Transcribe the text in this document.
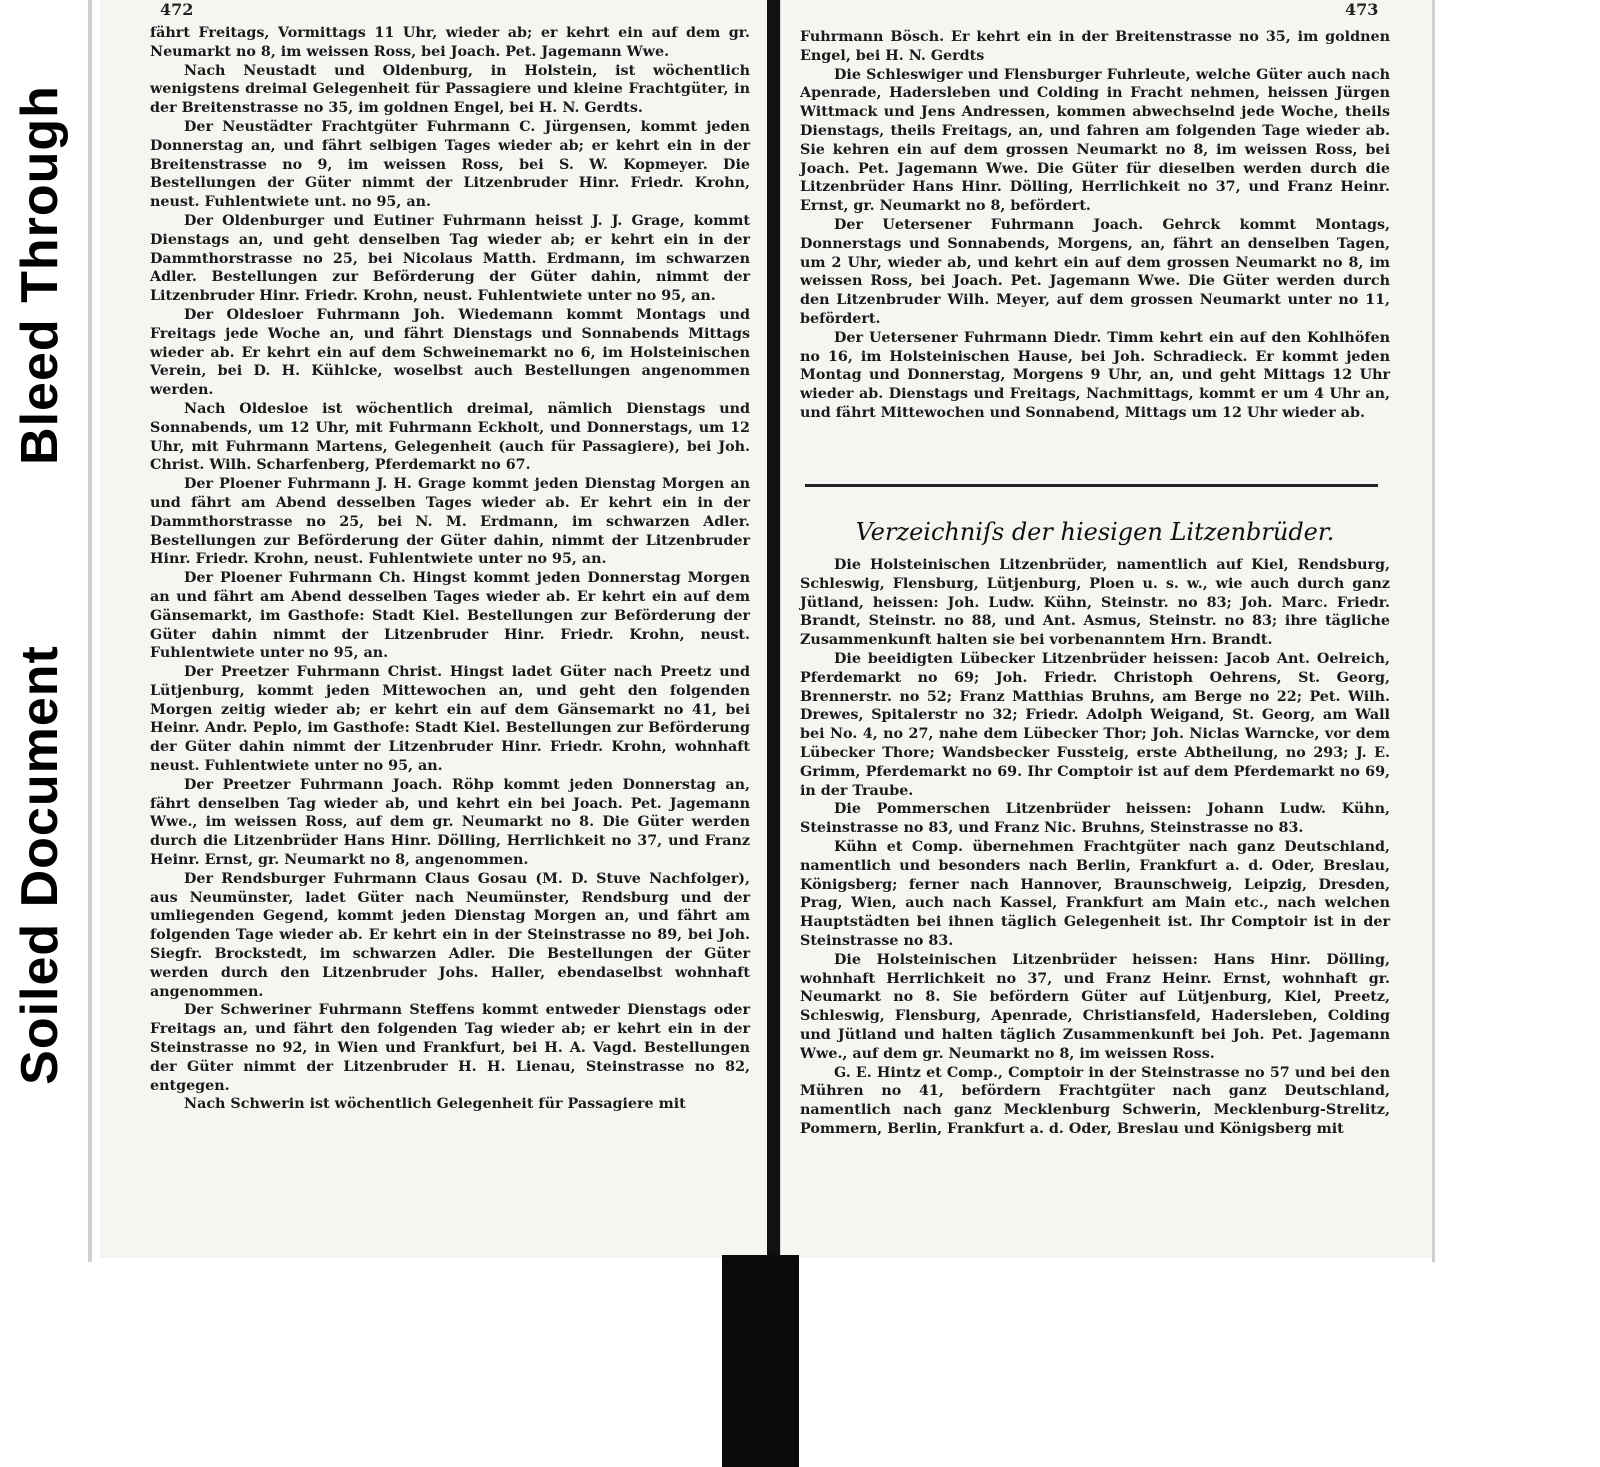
Bleed Through
Soiled Document
472	473

fährt Freitags, Vormittags 11 Uhr, wieder ab; er kehrt ein auf dem gr. Neumarkt no 8, im weissen Ross, bei Joach. Pet. Jagemann Wwe.

Nach Neustadt und Oldenburg, in Holstein, ist wöchentlich wenigstens dreimal Gelegenheit für Passagiere und kleine Frachtgüter, in der Breitenstrasse no 35, im goldnen Engel, bei H. N. Gerdts.

Der Neustädter Frachtgüter Fuhrmann C. Jürgensen, kommt jeden Donnerstag an, und fährt selbigen Tages wieder ab; er kehrt ein in der Breitenstrasse no 9, im weissen Ross, bei S. W. Kopmeyer. Die Bestellungen der Güter nimmt der Litzenbruder Hinr. Friedr. Krohn, neust. Fuhlentwiete unt. no 95, an.

Der Oldenburger und Eutiner Fuhrmann heisst J. J. Grage, kommt Dienstags an, und geht denselben Tag wieder ab; er kehrt ein in der Dammthorstrasse no 25, bei Nicolaus Matth. Erdmann, im schwarzen Adler. Bestellungen zur Beförderung der Güter dahin, nimmt der Litzenbruder Hinr. Friedr. Krohn, neust. Fuhlentwiete unter no 95, an.

Der Oldesloer Fuhrmann Joh. Wiedemann kommt Montags und Freitags jede Woche an, und fährt Dienstags und Sonnabends Mittags wieder ab. Er kehrt ein auf dem Schweinemarkt no 6, im Holsteinischen Verein, bei D. H. Kühlcke, woselbst auch Bestellungen angenommen werden.

Nach Oldesloe ist wöchentlich dreimal, nämlich Dienstags und Sonnabends, um 12 Uhr, mit Fuhrmann Eckholt, und Donnerstags, um 12 Uhr, mit Fuhrmann Martens, Gelegenheit (auch für Passagiere), bei Joh. Christ. Wilh. Scharfenberg, Pferdemarkt no 67.

Der Ploener Fuhrmann J. H. Grage kommt jeden Dienstag Morgen an und fährt am Abend desselben Tages wieder ab. Er kehrt ein in der Dammthorstrasse no 25, bei N. M. Erdmann, im schwarzen Adler. Bestellungen zur Beförderung der Güter dahin, nimmt der Litzenbruder Hinr. Friedr. Krohn, neust. Fuhlentwiete unter no 95, an.

Der Ploener Fuhrmann Ch. Hingst kommt jeden Donnerstag Morgen an und fährt am Abend desselben Tages wieder ab. Er kehrt ein auf dem Gänsemarkt, im Gasthofe: Stadt Kiel. Bestellungen zur Beförderung der Güter dahin nimmt der Litzenbruder Hinr. Friedr. Krohn, neust. Fuhlentwiete unter no 95, an.

Der Preetzer Fuhrmann Christ. Hingst ladet Güter nach Preetz und Lütjenburg, kommt jeden Mittewochen an, und geht den folgenden Morgen zeitig wieder ab; er kehrt ein auf dem Gänsemarkt no 41, bei Heinr. Andr. Peplo, im Gasthofe: Stadt Kiel. Bestellungen zur Beförderung der Güter dahin nimmt der Litzenbruder Hinr. Friedr. Krohn, wohnhaft neust. Fuhlentwiete unter no 95, an.

Der Preetzer Fuhrmann Joach. Röhp kommt jeden Donnerstag an, fährt denselben Tag wieder ab, und kehrt ein bei Joach. Pet. Jagemann Wwe., im weissen Ross, auf dem gr. Neumarkt no 8. Die Güter werden durch die Litzenbrüder Hans Hinr. Dölling, Herrlichkeit no 37, und Franz Heinr. Ernst, gr. Neumarkt no 8, angenommen.

Der Rendsburger Fuhrmann Claus Gosau (M. D. Stuve Nachfolger), aus Neumünster, ladet Güter nach Neumünster, Rendsburg und der umliegenden Gegend, kommt jeden Dienstag Morgen an, und fährt am folgenden Tage wieder ab. Er kehrt ein in der Steinstrasse no 89, bei Joh. Siegfr. Brockstedt, im schwarzen Adler. Die Bestellungen der Güter werden durch den Litzenbruder Johs. Haller, ebendaselbst wohnhaft angenommen.

Der Schweriner Fuhrmann Steffens kommt entweder Dienstags oder Freitags an, und fährt den folgenden Tag wieder ab; er kehrt ein in der Steinstrasse no 92, in Wien und Frankfurt, bei H. A. Vagd. Bestellungen der Güter nimmt der Litzenbruder H. H. Lienau, Steinstrasse no 82, entgegen.

Nach Schwerin ist wöchentlich Gelegenheit für Passagiere mit

Fuhrmann Bösch. Er kehrt ein in der Breitenstrasse no 35, im goldnen Engel, bei H. N. Gerdts

Die Schleswiger und Flensburger Fuhrleute, welche Güter auch nach Apenrade, Hadersleben und Colding in Fracht nehmen, heissen Jürgen Wittmack und Jens Andressen, kommen abwechselnd jede Woche, theils Dienstags, theils Freitags, an, und fahren am folgenden Tage wieder ab. Sie kehren ein auf dem grossen Neumarkt no 8, im weissen Ross, bei Joach. Pet. Jagemann Wwe. Die Güter für dieselben werden durch die Litzenbrüder Hans Hinr. Dölling, Herrlichkeit no 37, und Franz Heinr. Ernst, gr. Neumarkt no 8, befördert.

Der Uetersener Fuhrmann Joach. Gehrck kommt Montags, Donnerstags und Sonnabends, Morgens, an, fährt an denselben Tagen, um 2 Uhr, wieder ab, und kehrt ein auf dem grossen Neumarkt no 8, im weissen Ross, bei Joach. Pet. Jagemann Wwe. Die Güter werden durch den Litzenbruder Wilh. Meyer, auf dem grossen Neumarkt unter no 11, befördert.

Der Uetersener Fuhrmann Diedr. Timm kehrt ein auf den Kohlhöfen no 16, im Holsteinischen Hause, bei Joh. Schradieck. Er kommt jeden Montag und Donnerstag, Morgens 9 Uhr, an, und geht Mittags 12 Uhr wieder ab. Dienstags und Freitags, Nachmittags, kommt er um 4 Uhr an, und fährt Mittewochen und Sonnabend, Mittags um 12 Uhr wieder ab.

Verzeichniſs der hiesigen Litzenbrüder.

Die Holsteinischen Litzenbrüder, namentlich auf Kiel, Rendsburg, Schleswig, Flensburg, Lütjenburg, Ploen u. s. w., wie auch durch ganz Jütland, heissen: Joh. Ludw. Kühn, Steinstr. no 83; Joh. Marc. Friedr. Brandt, Steinstr. no 88, und Ant. Asmus, Steinstr. no 83; ihre tägliche Zusammenkunft halten sie bei vorbenanntem Hrn. Brandt.

Die beeidigten Lübecker Litzenbrüder heissen: Jacob Ant. Oelreich, Pferdemarkt no 69; Joh. Friedr. Christoph Oehrens, St. Georg, Brennerstr. no 52; Franz Matthias Bruhns, am Berge no 22; Pet. Wilh. Drewes, Spitalerstr no 32; Friedr. Adolph Weigand, St. Georg, am Wall bei No. 4, no 27, nahe dem Lübecker Thor; Joh. Niclas Warncke, vor dem Lübecker Thore; Wandsbecker Fussteig, erste Abtheilung, no 293; J. E. Grimm, Pferdemarkt no 69. Ihr Comptoir ist auf dem Pferdemarkt no 69, in der Traube.

Die Pommerschen Litzenbrüder heissen: Johann Ludw. Kühn, Steinstrasse no 83, und Franz Nic. Bruhns, Steinstrasse no 83.

Kühn et Comp. übernehmen Frachtgüter nach ganz Deutschland, namentlich und besonders nach Berlin, Frankfurt a. d. Oder, Breslau, Königsberg; ferner nach Hannover, Braunschweig, Leipzig, Dresden, Prag, Wien, auch nach Kassel, Frankfurt am Main etc., nach welchen Hauptstädten bei ihnen täglich Gelegenheit ist. Ihr Comptoir ist in der Steinstrasse no 83.

Die Holsteinischen Litzenbrüder heissen: Hans Hinr. Dölling, wohnhaft Herrlichkeit no 37, und Franz Heinr. Ernst, wohnhaft gr. Neumarkt no 8. Sie befördern Güter auf Lütjenburg, Kiel, Preetz, Schleswig, Flensburg, Apenrade, Christiansfeld, Hadersleben, Colding und Jütland und halten täglich Zusammenkunft bei Joh. Pet. Jagemann Wwe., auf dem gr. Neumarkt no 8, im weissen Ross.

G. E. Hintz et Comp., Comptoir in der Steinstrasse no 57 und bei den Mühren no 41, befördern Frachtgüter nach ganz Deutschland, namentlich nach ganz Mecklenburg Schwerin, Mecklenburg-Strelitz, Pommern, Berlin, Frankfurt a. d. Oder, Breslau und Königsberg mit
